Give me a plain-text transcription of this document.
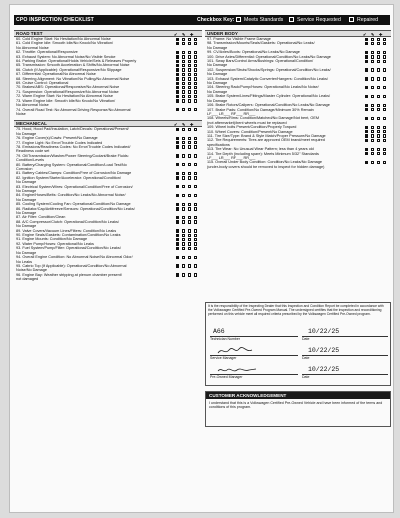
CPO INSPECTION CHECKLIST	Checkbox Key: Meets Standards	Service Requested	Repaired
ROAD TEST	✔ ✎ ✚
60. Cold Engine Start: No Hesitation/No Abnormal Noise
61. Cold Engine Idle: Smooth Idle/No Knock/No Vibration/
No Abnormal Noise
62. Throttle: Operational/Responsive
63. Exhaust System: No Abnormal Noise/No Visible Smoke
64. Parking Brake: Operational/Holds Vehicle/Sets & Releases Properly
65. Transmission: Smooth Acceleration & Shifts/No Abnormal Noise
66. Clutch (If Applicable): Operational/Responsive/No Slippage
67. Differential: Operational/No Abnormal Noise
68. Steering Alignment: No Vibration/No Pulling/No Abnormal Noise
69. Cruise Control: Operational
70. Brakes/ABS: Operational/Responsive/No Abnormal Noise
71. Suspension: Operational/Responsive/No Abnormal Noise
72. Warm Engine Start: No Hesitation/No Abnormal Noise
73. Warm Engine Idle: Smooth Idle/No Knock/No Vibration/
No Abnormal Noise
74. Overall Road Test: No Abnormal Driving Response/No Abnormal
Noise
MECHANICAL	✔ ✎ ✚
75. Hood, Hood Pad/Insulation, Latch/Decals: Operational/Present/
No Damage
76. Engine Cover(s)/Cowls: Present/No Damage
77. Engine Light: No Error/Trouble Codes Indicated
78. Emissions/Readiness Codes: No Error/Trouble Codes Indicated/
Readiness code set
79. Oil/Transmission/Washer/Power Steering/Coolant/Brake Fluids:
Condition/Levels
80. Battery/Charging System: Operational/Condition/Load Test/No
Corrosion
81. Battery Cables/Clamps: Condition/Free of Corrosion/No Damage
82. Ignition System/Starter/Accelerator: Operational/Condition/
No Damage
83. Electrical System/Wires: Operational/Condition/Free of Corrosion/
No Damage
84. Engine/Hoses/Belts: Condition/No Leaks/No Abnormal Noise/
No Damage
85. Cooling System/Cooling Fan: Operational/Condition/No Damage
86. Radiator/Cap/Antifreeze/Sensors: Operational/Condition/No Leaks/
No Damage
87. Air Filter: Condition/Clean
88. A/C Compressor/Clutch: Operational/Condition/No Leaks/
No Damage
89. Valve Covers/Vacuum Lines/Filters: Condition/No Leaks
90. Engine Seals/Gaskets: Contamination/Condition/No Leaks
91. Engine Mounts: Condition/No Damage
92. Water Pump/Hoses: Operational/No Leaks
93. Fuel System/Pump/Filter: Operational/Condition/No Leaks/
No Damage
94. Overall Engine Condition: No Abnormal Noise/No Abnormal Odor/
No Leaks
95. Cabrio Top (If Applicable): Operational/Condition/No Abnormal
Noise/No Damage
96. Engine Bay: Weather stripping at plenum chamber present/
not damaged
UNDER BODY	✔ ✎ ✚
97. Frame: No Visible Frame Damage
98. Transmission/Mounts/Seals/Gaskets: Operational/No Leaks/
No Damage
99. CV/Axles/Boots: Operational/No Leaks/No Damage
100. Drive Axles/Differential: Operational/Condition/No Leaks/No Damage
101. Sway Bars/Control Arms/Bushings: Operational/Condition/
No Damage
102. Suspension/Struts/Shocks/Springs: Operational/Condition/No Leaks/
No Damage
103. Exhaust System/Catalytic Converter/Hangers: Condition/No Leaks/
No Damage
104. Steering Rack/Pump/Hoses: Operational/No Leaks/No Noise/
No Damage
105. Brake System/Lines/Fittings/Master Cylinder: Operational/No Leaks/
No Damage
106. Brake Rotors/Calipers: Operational/Condition/No Leaks/No Damage
107. Brake Pads: Condition/No Damage/Minimum 30% Remain
LF___ LR___ RF___ RR___
108. Wheels/Rims: Condition/Matched/No Damage/Not bent, OEM
(not aftermarket)/bent wheels must be replaced
109. Wheel bolts Present/Condition/Properly Torqued
110. Wheel Covers: Condition/Present/No Damage
111. Tire Size/Type: Brand & Style Match/Proper Pressure/No Damage
112. Tire Requirements: Tires are approved OEM brand/meet required
specifications
113. Tire Wear: No Unusual Wear Pattern; less than 4 years old
114. Tire Depth (including spare): Meets Minimum 5/32" Standards
LF___ LR___ RF___ RR___
115. Overall Under Body Condition: Condition/No Leaks/No Damage
(under-body covers should be removed to inspect for hidden damage)
It is the responsibility of the Inspecting Dealer that this Inspection and Condition Report be completed in accordance with the Volkswagen Certified Pre-Owned Program Manual. The undersigned certifies that the inspection and reconditioning performed on this vehicle meet all required criteria prescribed by the Volkswagen Certified Pre-Owned program.
A66	10/22/25
Technician Number	Date
10/22/25
Service Manager	Date
10/22/25
Pre-Owned Manager	Date
CUSTOMER ACKNOWLEDGEMENT
I understand that this is a Volkswagen Certified Pre-Owned Vehicle and have been informed of the terms and conditions of this program.
